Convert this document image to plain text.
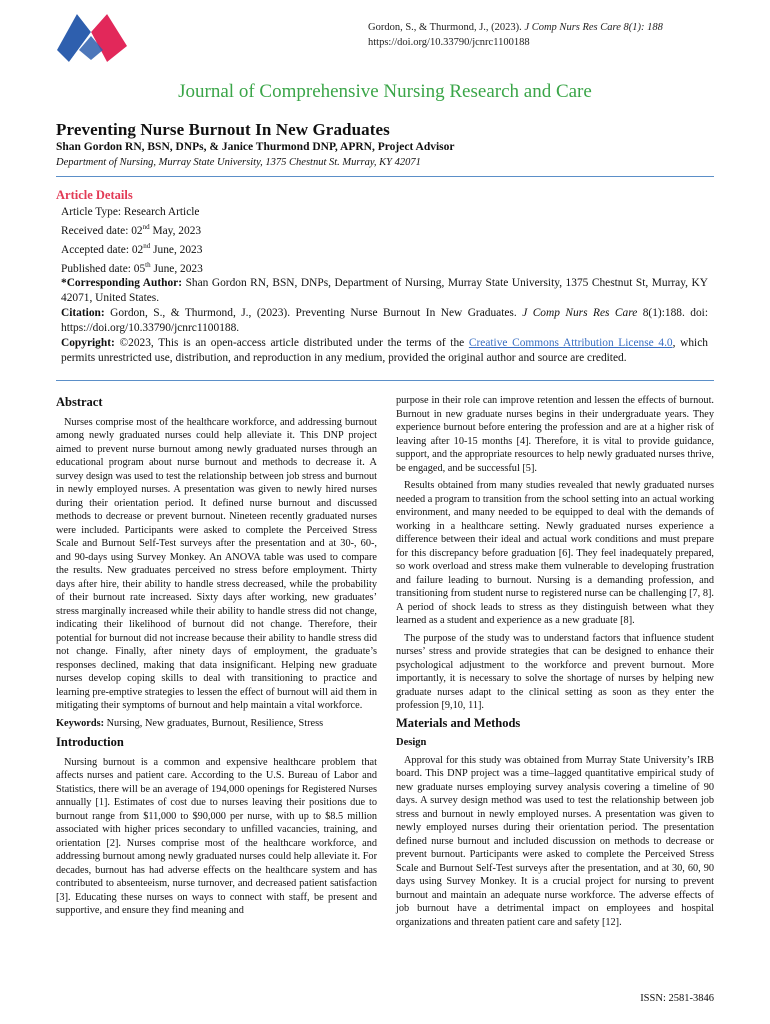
Gordon, S., & Thurmond, J., (2023). J Comp Nurs Res Care 8(1): 188
https://doi.org/10.33790/jcnrc1100188
Journal of Comprehensive Nursing Research and Care
Preventing Nurse Burnout In New Graduates
Shan Gordon RN, BSN, DNPs, & Janice Thurmond DNP, APRN, Project Advisor
Department of Nursing, Murray State University, 1375 Chestnut St. Murray, KY 42071
Article Details
Article Type: Research Article
Received date: 02nd May, 2023
Accepted date: 02nd June, 2023
Published date: 05th June, 2023
*Corresponding Author: Shan Gordon RN, BSN, DNPs, Department of Nursing, Murray State University, 1375 Chestnut St, Murray, KY 42071, United States.
Citation: Gordon, S., & Thurmond, J., (2023). Preventing Nurse Burnout In New Graduates. J Comp Nurs Res Care 8(1):188. doi: https://doi.org/10.33790/jcnrc1100188.
Copyright: ©2023, This is an open-access article distributed under the terms of the Creative Commons Attribution License 4.0, which permits unrestricted use, distribution, and reproduction in any medium, provided the original author and source are credited.
Abstract
Nurses comprise most of the healthcare workforce, and addressing burnout among newly graduated nurses could help alleviate it. This DNP project aimed to prevent nurse burnout among newly graduated nurses through an educational program about nurse burnout and methods to decrease it. A survey design was used to test the relationship between job stress and burnout in newly employed nurses. A presentation was given to newly hired nurses during their orientation period. It defined nurse burnout and discussed methods to decrease or prevent burnout. Nineteen recently graduated nurses were included. Participants were asked to complete the Perceived Stress Scale and Burnout Self-Test surveys after the presentation and at 30-, 60-, and 90-days using Survey Monkey. An ANOVA table was used to compare the results. New graduates perceived no stress before employment. Thirty days after hire, their ability to handle stress decreased, while the probability of their burnout rate increased. Sixty days after working, new graduates’ stress marginally increased while their ability to handle stress did not change, indicating their likelihood of burnout did not change. Therefore, their potential for burnout did not increase because their ability to handle stress did not change. Finally, after ninety days of employment, the graduate’s responses declined, making that data insignificant. Helping new graduate nurses develop coping skills to deal with transitioning to practice and learning pre-emptive strategies to lessen the effect of burnout will aid them in mitigating their symptoms of burnout and help maintain a vital workforce.
Keywords: Nursing, New graduates, Burnout, Resilience, Stress
Introduction
Nursing burnout is a common and expensive healthcare problem that affects nurses and patient care. According to the U.S. Bureau of Labor and Statistics, there will be an average of 194,000 openings for Registered Nurses annually [1]. Estimates of cost due to nurses leaving their positions due to burnout range from $11,000 to $90,000 per nurse, with up to $8.5 million associated with higher prices secondary to unfilled vacancies, training, and orientation [2]. Nurses comprise most of the healthcare workforce, and addressing burnout among newly graduated nurses could help alleviate it. For decades, burnout has had adverse effects on the healthcare system and has contributed to absenteeism, nurse turnover, and decreased patient satisfaction [3]. Educating these nurses on ways to connect with staff, be present and supportive, and ensure they find meaning and
purpose in their role can improve retention and lessen the effects of burnout. Burnout in new graduate nurses begins in their undergraduate years. They experience burnout before entering the profession and are at a higher risk of leaving after 10-15 months [4]. Therefore, it is vital to provide guidance, support, and the appropriate resources to help newly graduated nurses thrive, be engaged, and be successful [5].
Results obtained from many studies revealed that newly graduated nurses needed a program to transition from the school setting into an actual working environment, and many needed to be equipped to deal with the demands of working in a healthcare setting. Newly graduated nurses experience a difference between their ideal and actual work conditions and must prepare for this discrepancy before graduation [6]. They feel inadequately prepared, so work overload and stress make them vulnerable to developing frustration and failure leading to burnout. Nursing is a demanding profession, and transitioning from student nurse to registered nurse can be challenging [7, 8]. A period of shock leads to stress as they distinguish between what they learned as a student and experience as a new graduate [8].
The purpose of the study was to understand factors that influence student nurses’ stress and provide strategies that can be designed to enhance their psychological adjustment to the workforce and prevent burnout. More importantly, it is necessary to solve the shortage of nurses by helping new graduate nurses adapt to the clinical setting as soon as they enter the profession [9,10, 11].
Materials and Methods
Design
Approval for this study was obtained from Murray State University’s IRB board. This DNP project was a time–lagged quantitative empirical study of new graduate nurses employing survey analysis covering a timeline of 90 days. A survey design method was used to test the relationship between job stress and burnout in newly employed nurses. A presentation was given to newly employed nurses during their orientation period. The presentation defined nurse burnout and included discussion on methods to decrease or prevent burnout. Participants were asked to complete the Perceived Stress Scale and Burnout Self-Test surveys after the presentation, and at 30, 60, 90 days using Survey Monkey. It is a crucial project for nursing to prevent burnout and maintain an adequate nurse workforce. The adverse effects of job burnout have a detrimental impact on employees and hospital organizations and threaten patient care and safety [12].
ISSN: 2581-3846
